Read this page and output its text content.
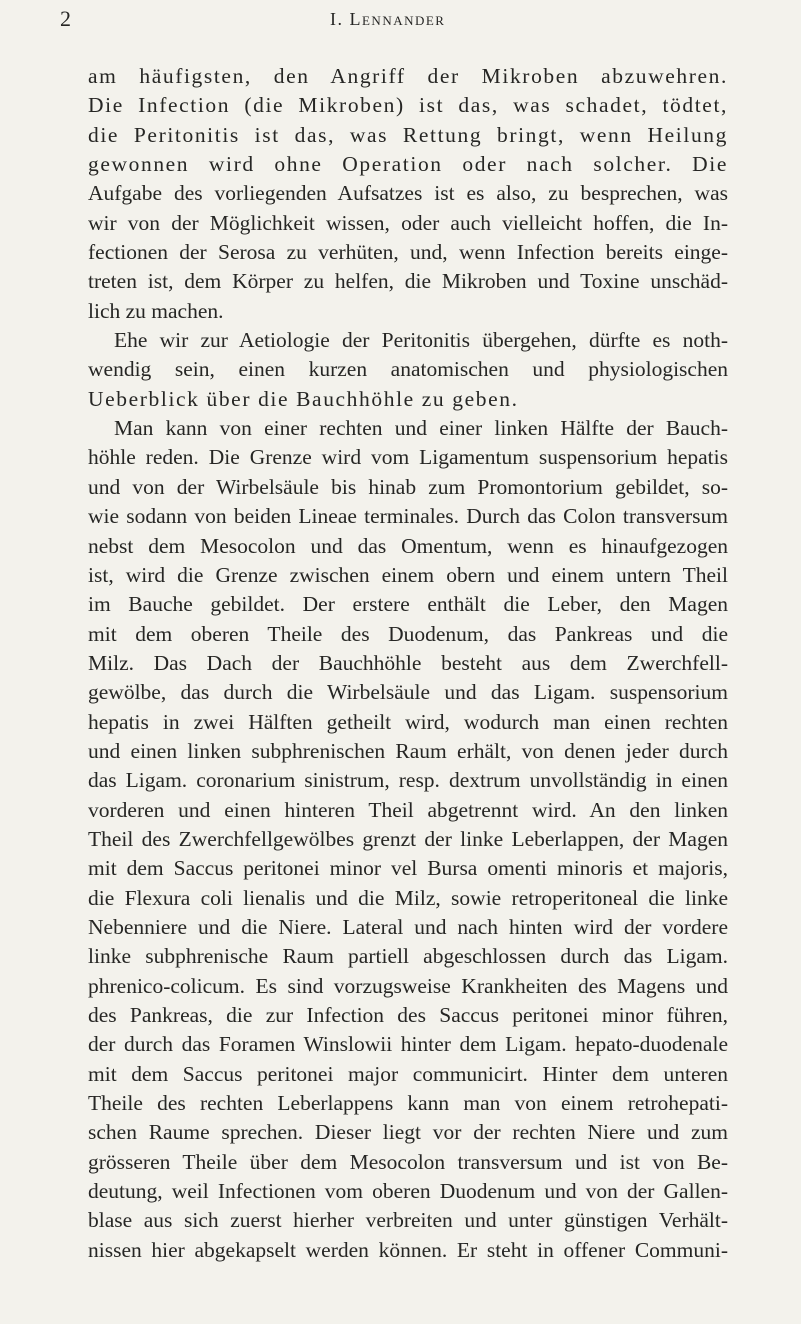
2	I. Lennander
am häufigsten, den Angriff der Mikroben abzuwehren.
Die Infection (die Mikroben) ist das, was schadet, tödtet,
die Peritonitis ist das, was Rettung bringt, wenn Heilung
gewonnen wird ohne Operation oder nach solcher. Die
Aufgabe des vorliegenden Aufsatzes ist es also, zu besprechen, was
wir von der Möglichkeit wissen, oder auch vielleicht hoffen, die In-
fectionen der Serosa zu verhüten, und, wenn Infection bereits einge-
treten ist, dem Körper zu helfen, die Mikroben und Toxine unschäd-
lich zu machen.
Ehe wir zur Aetiologie der Peritonitis übergehen, dürfte es noth-
wendig sein, einen kurzen anatomischen und physiologischen
Ueberblick über die Bauchhöhle zu geben.
Man kann von einer rechten und einer linken Hälfte der Bauch-
höhle reden. Die Grenze wird vom Ligamentum suspensorium hepatis
und von der Wirbelsäule bis hinab zum Promontorium gebildet, so-
wie sodann von beiden Lineae terminales. Durch das Colon transversum
nebst dem Mesocolon und das Omentum, wenn es hinaufgezogen
ist, wird die Grenze zwischen einem obern und einem untern Theil
im Bauche gebildet. Der erstere enthält die Leber, den Magen
mit dem oberen Theile des Duodenum, das Pankreas und die
Milz. Das Dach der Bauchhöhle besteht aus dem Zwerchfell-
gewölbe, das durch die Wirbelsäule und das Ligam. suspensorium
hepatis in zwei Hälften getheilt wird, wodurch man einen rechten
und einen linken subphrenischen Raum erhält, von denen jeder durch
das Ligam. coronarium sinistrum, resp. dextrum unvollständig in einen
vorderen und einen hinteren Theil abgetrennt wird. An den linken
Theil des Zwerchfellgewölbes grenzt der linke Leberlappen, der Magen
mit dem Saccus peritonei minor vel Bursa omenti minoris et majoris,
die Flexura coli lienalis und die Milz, sowie retroperitoneal die linke
Nebenniere und die Niere. Lateral und nach hinten wird der vordere
linke subphrenische Raum partiell abgeschlossen durch das Ligam.
phrenico-colicum. Es sind vorzugsweise Krankheiten des Magens und
des Pankreas, die zur Infection des Saccus peritonei minor führen,
der durch das Foramen Winslowii hinter dem Ligam. hepato-duodenale
mit dem Saccus peritonei major communicirt. Hinter dem unteren
Theile des rechten Leberlappens kann man von einem retrohepati-
schen Raume sprechen. Dieser liegt vor der rechten Niere und zum
grösseren Theile über dem Mesocolon transversum und ist von Be-
deutung, weil Infectionen vom oberen Duodenum und von der Gallen-
blase aus sich zuerst hierher verbreiten und unter günstigen Verhält-
nissen hier abgekapselt werden können. Er steht in offener Communi-
